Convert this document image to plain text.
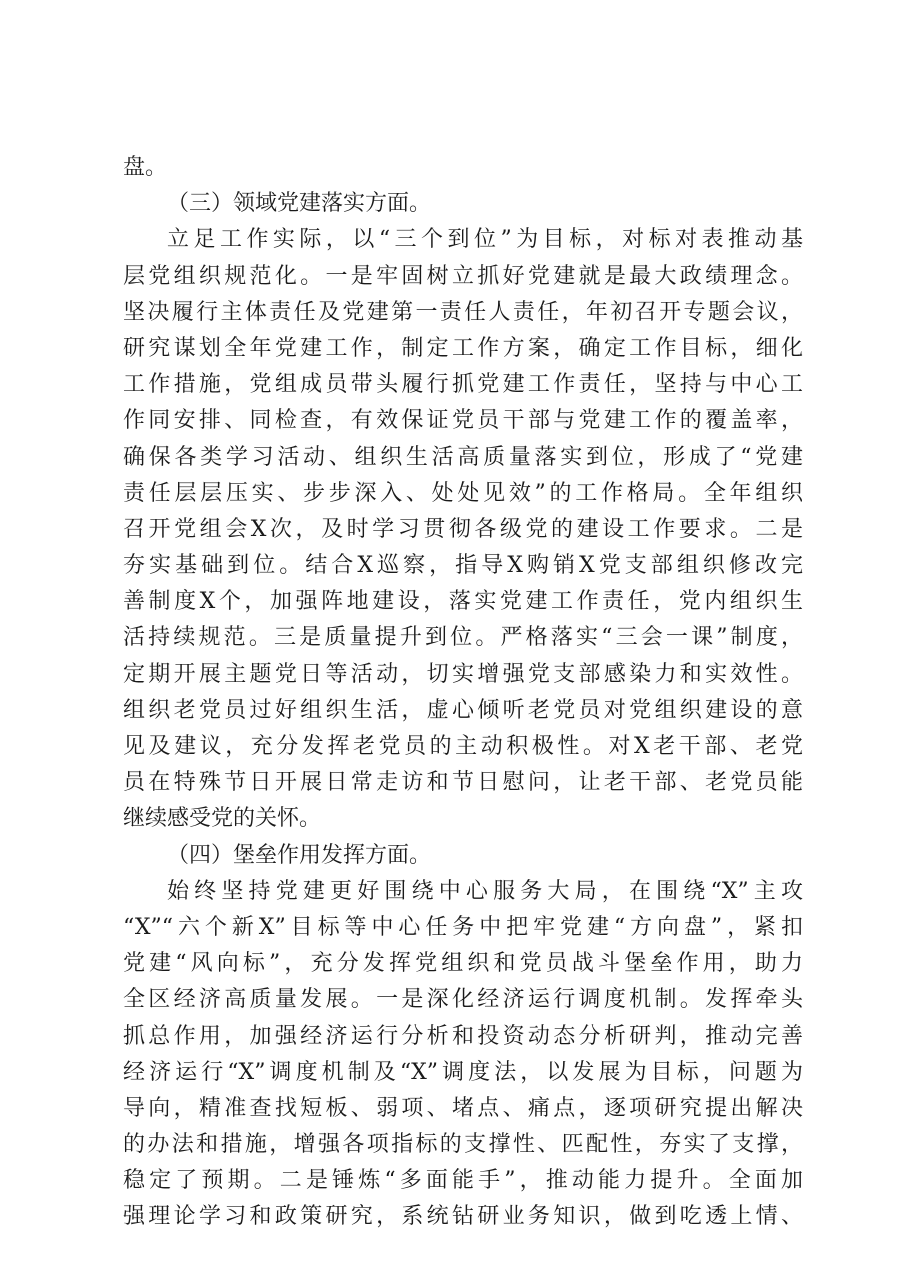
盘。
（三）领域党建落实方面。
立足工作实际，以“三个到位”为目标，对标对表推动基
层党组织规范化。一是牢固树立抓好党建就是最大政绩理念。
坚决履行主体责任及党建第一责任人责任，年初召开专题会议，
研究谋划全年党建工作，制定工作方案，确定工作目标，细化
工作措施，党组成员带头履行抓党建工作责任，坚持与中心工
作同安排、同检查，有效保证党员干部与党建工作的覆盖率，
确保各类学习活动、组织生活高质量落实到位，形成了“党建
责任层层压实、步步深入、处处见效”的工作格局。全年组织
召开党组会X次，及时学习贯彻各级党的建设工作要求。二是
夯实基础到位。结合X巡察，指导X购销X党支部组织修改完
善制度X个，加强阵地建设，落实党建工作责任，党内组织生
活持续规范。三是质量提升到位。严格落实“三会一课”制度，
定期开展主题党日等活动，切实增强党支部感染力和实效性。
组织老党员过好组织生活，虚心倾听老党员对党组织建设的意
见及建议，充分发挥老党员的主动积极性。对X老干部、老党
员在特殊节日开展日常走访和节日慰问，让老干部、老党员能
继续感受党的关怀。
（四）堡垒作用发挥方面。
始终坚持党建更好围绕中心服务大局，在围绕“X”主攻
“X”“六个新X”目标等中心任务中把牢党建“方向盘”，紧扣
党建“风向标”，充分发挥党组织和党员战斗堡垒作用，助力
全区经济高质量发展。一是深化经济运行调度机制。发挥牵头
抓总作用，加强经济运行分析和投资动态分析研判，推动完善
经济运行“X”调度机制及“X”调度法，以发展为目标，问题为
导向，精准查找短板、弱项、堵点、痛点，逐项研究提出解决
的办法和措施，增强各项指标的支撑性、匹配性，夯实了支撑，
稳定了预期。二是锤炼“多面能手”，推动能力提升。全面加
强理论学习和政策研究，系统钻研业务知识，做到吃透上情、
